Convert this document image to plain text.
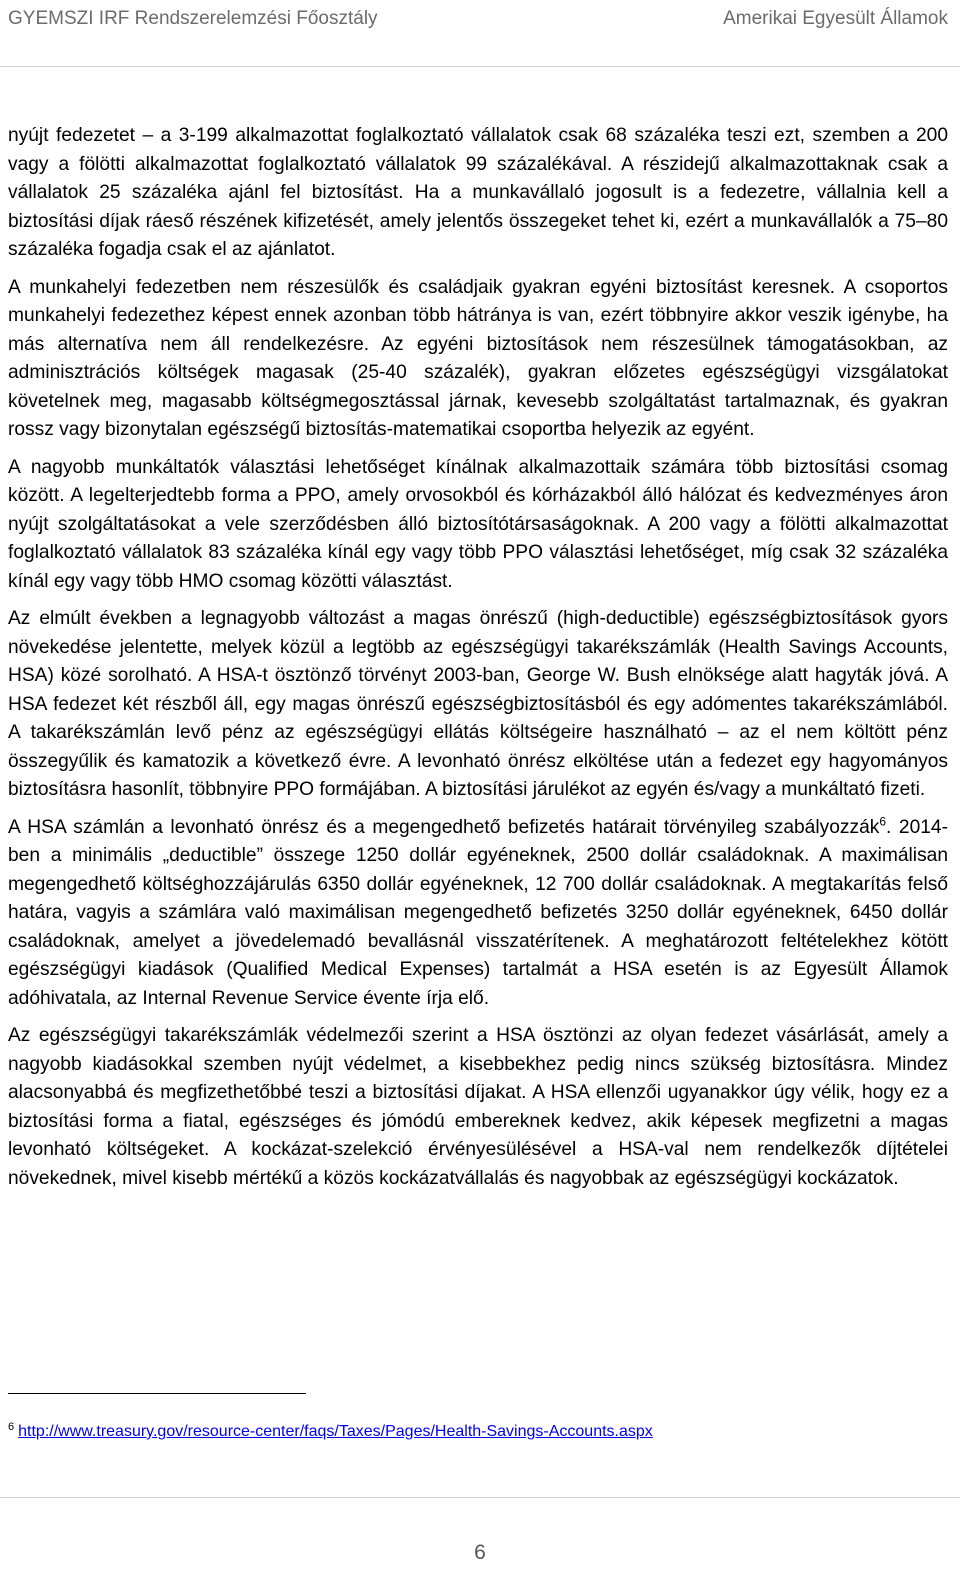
GYEMSZI IRF Rendszerelemzési Főosztály	Amerikai Egyesült Államok

nyújt fedezetet – a 3-199 alkalmazottat foglalkoztató vállalatok csak 68 százaléka teszi ezt, szemben a 200 vagy a fölötti alkalmazottat foglalkoztató vállalatok 99 százalékával. A részidejű alkalmazottaknak csak a vállalatok 25 százaléka ajánl fel biztosítást. Ha a munkavállaló jogosult is a fedezetre, vállalnia kell a biztosítási díjak ráeső részének kifizetését, amely jelentős összegeket tehet ki, ezért a munkavállalók a 75–80 százaléka fogadja csak el az ajánlatot.

A munkahelyi fedezetben nem részesülők és családjaik gyakran egyéni biztosítást keresnek. A csoportos munkahelyi fedezethez képest ennek azonban több hátránya is van, ezért többnyire akkor veszik igénybe, ha más alternatíva nem áll rendelkezésre. Az egyéni biztosítások nem részesülnek támogatásokban, az adminisztrációs költségek magasak (25-40 százalék), gyakran előzetes egészségügyi vizsgálatokat követelnek meg, magasabb költségmegosztással járnak, kevesebb szolgáltatást tartalmaznak, és gyakran rossz vagy bizonytalan egészségű biztosítás-matematikai csoportba helyezik az egyént.

A nagyobb munkáltatók választási lehetőséget kínálnak alkalmazottaik számára több biztosítási csomag között. A legelterjedtebb forma a PPO, amely orvosokból és kórházakból álló hálózat és kedvezményes áron nyújt szolgáltatásokat a vele szerződésben álló biztosítótársaságoknak. A 200 vagy a fölötti alkalmazottat foglalkoztató vállalatok 83 százaléka kínál egy vagy több PPO választási lehetőséget, míg csak 32 százaléka kínál egy vagy több HMO csomag közötti választást.

Az elmúlt években a legnagyobb változást a magas önrészű (high-deductible) egészségbiztosítások gyors növekedése jelentette, melyek közül a legtöbb az egészségügyi takarékszámlák (Health Savings Accounts, HSA) közé sorolható. A HSA-t ösztönző törvényt 2003-ban, George W. Bush elnöksége alatt hagyták jóvá. A HSA fedezet két részből áll, egy magas önrészű egészségbiztosításból és egy adómentes takarékszámlából. A takarékszámlán levő pénz az egészségügyi ellátás költségeire használható – az el nem költött pénz összegyűlik és kamatozik a következő évre. A levonható önrész elköltése után a fedezet egy hagyományos biztosításra hasonlít, többnyire PPO formájában. A biztosítási járulékot az egyén és/vagy a munkáltató fizeti.

A HSA számlán a levonható önrész és a megengedhető befizetés határait törvényileg szabályozzák$^6$. 2014-ben a minimális „deductible” összege 1250 dollár egyéneknek, 2500 dollár családoknak. A maximálisan megengedhető költséghozzájárulás 6350 dollár egyéneknek, 12 700 dollár családoknak. A megtakarítás felső határa, vagyis a számlára való maximálisan megengedhető befizetés 3250 dollár egyéneknek, 6450 dollár családoknak, amelyet a jövedelemadó bevallásnál visszatérítenek. A meghatározott feltételekhez kötött egészségügyi kiadások (Qualified Medical Expenses) tartalmát a HSA esetén is az Egyesült Államok adóhivatala, az Internal Revenue Service évente írja elő.

Az egészségügyi takarékszámlák védelmezői szerint a HSA ösztönzi az olyan fedezet vásárlását, amely a nagyobb kiadásokkal szemben nyújt védelmet, a kisebbekhez pedig nincs szükség biztosításra. Mindez alacsonyabbá és megfizethetőbbé teszi a biztosítási díjakat. A HSA ellenzői ugyanakkor úgy vélik, hogy ez a biztosítási forma a fiatal, egészséges és jómódú embereknek kedvez, akik képesek megfizetni a magas levonható költségeket. A kockázat-szelekció érvényesülésével a HSA-val nem rendelkezők díjtételei növekednek, mivel kisebb mértékű a közös kockázatvállalás és nagyobbak az egészségügyi kockázatok.

$^6$ http://www.treasury.gov/resource-center/faqs/Taxes/Pages/Health-Savings-Accounts.aspx
6
